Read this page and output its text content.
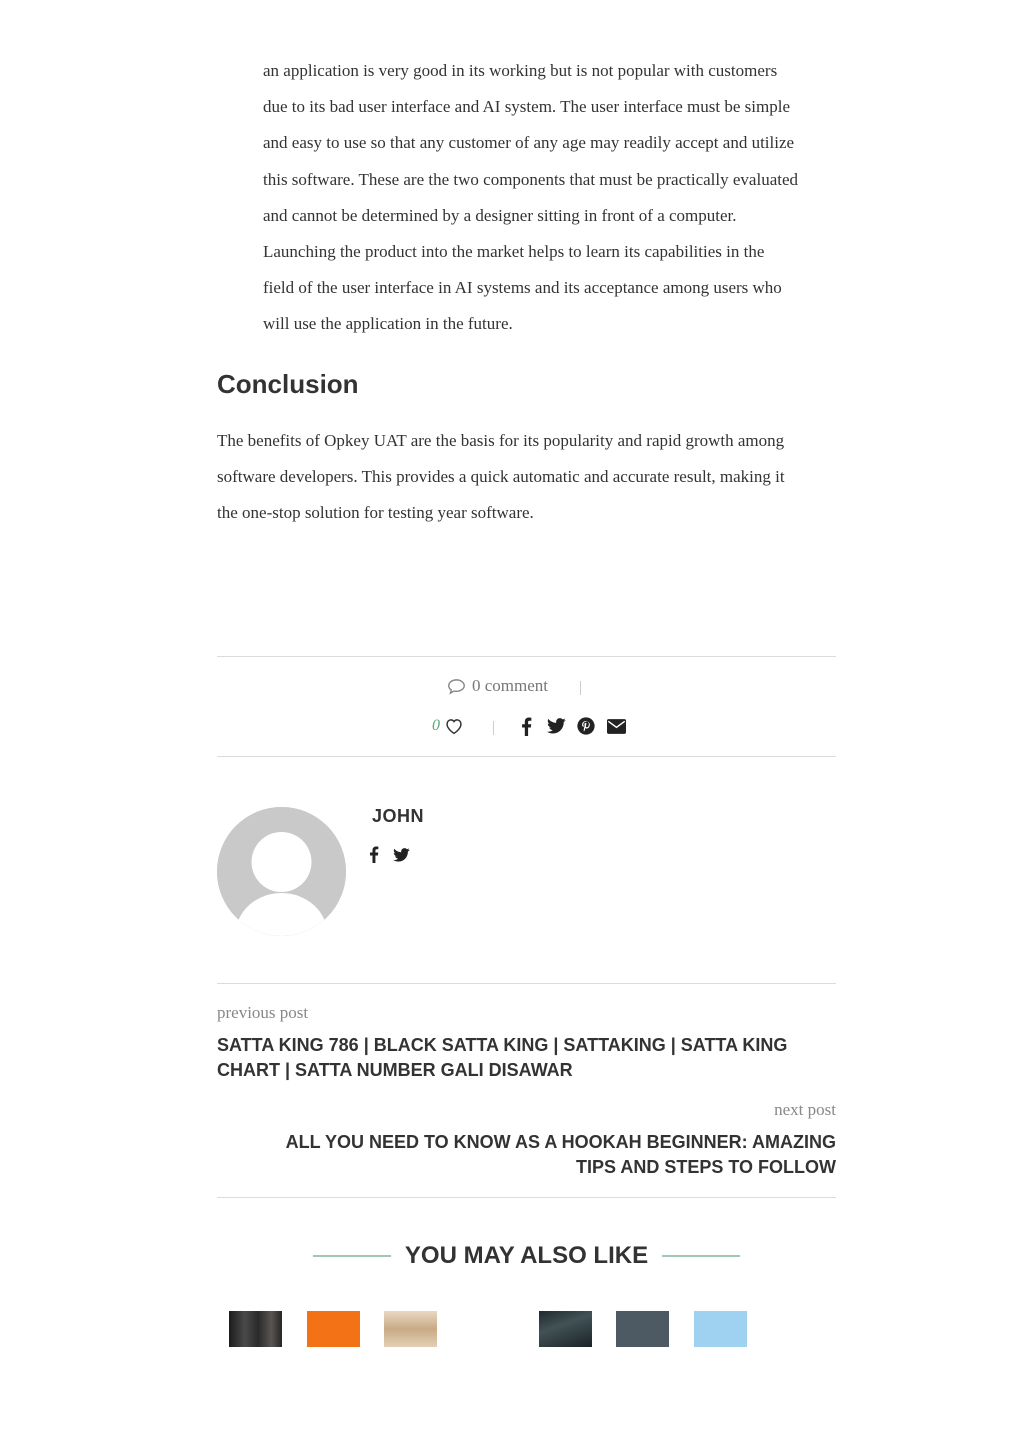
an application is very good in its working but is not popular with customers

due to its bad user interface and AI system. The user interface must be simple

and easy to use so that any customer of any age may readily accept and utilize

this software. These are the two components that must be practically evaluated

and cannot be determined by a designer sitting in front of a computer.

Launching the product into the market helps to learn its capabilities in the

field of the user interface in AI systems and its acceptance among users who

will use the application in the future.

Conclusion

The benefits of Opkey UAT are the basis for its popularity and rapid growth among

software developers. This provides a quick automatic and accurate result, making it

the one-stop solution for testing year software.

0 comment
0
JOHN
previous post
SATTA KING 786 | BLACK SATTA KING | SATTAKING | SATTA KING
CHART | SATTA NUMBER GALI DISAWAR
next post
ALL YOU NEED TO KNOW AS A HOOKAH BEGINNER: AMAZING
TIPS AND STEPS TO FOLLOW
YOU MAY ALSO LIKE
